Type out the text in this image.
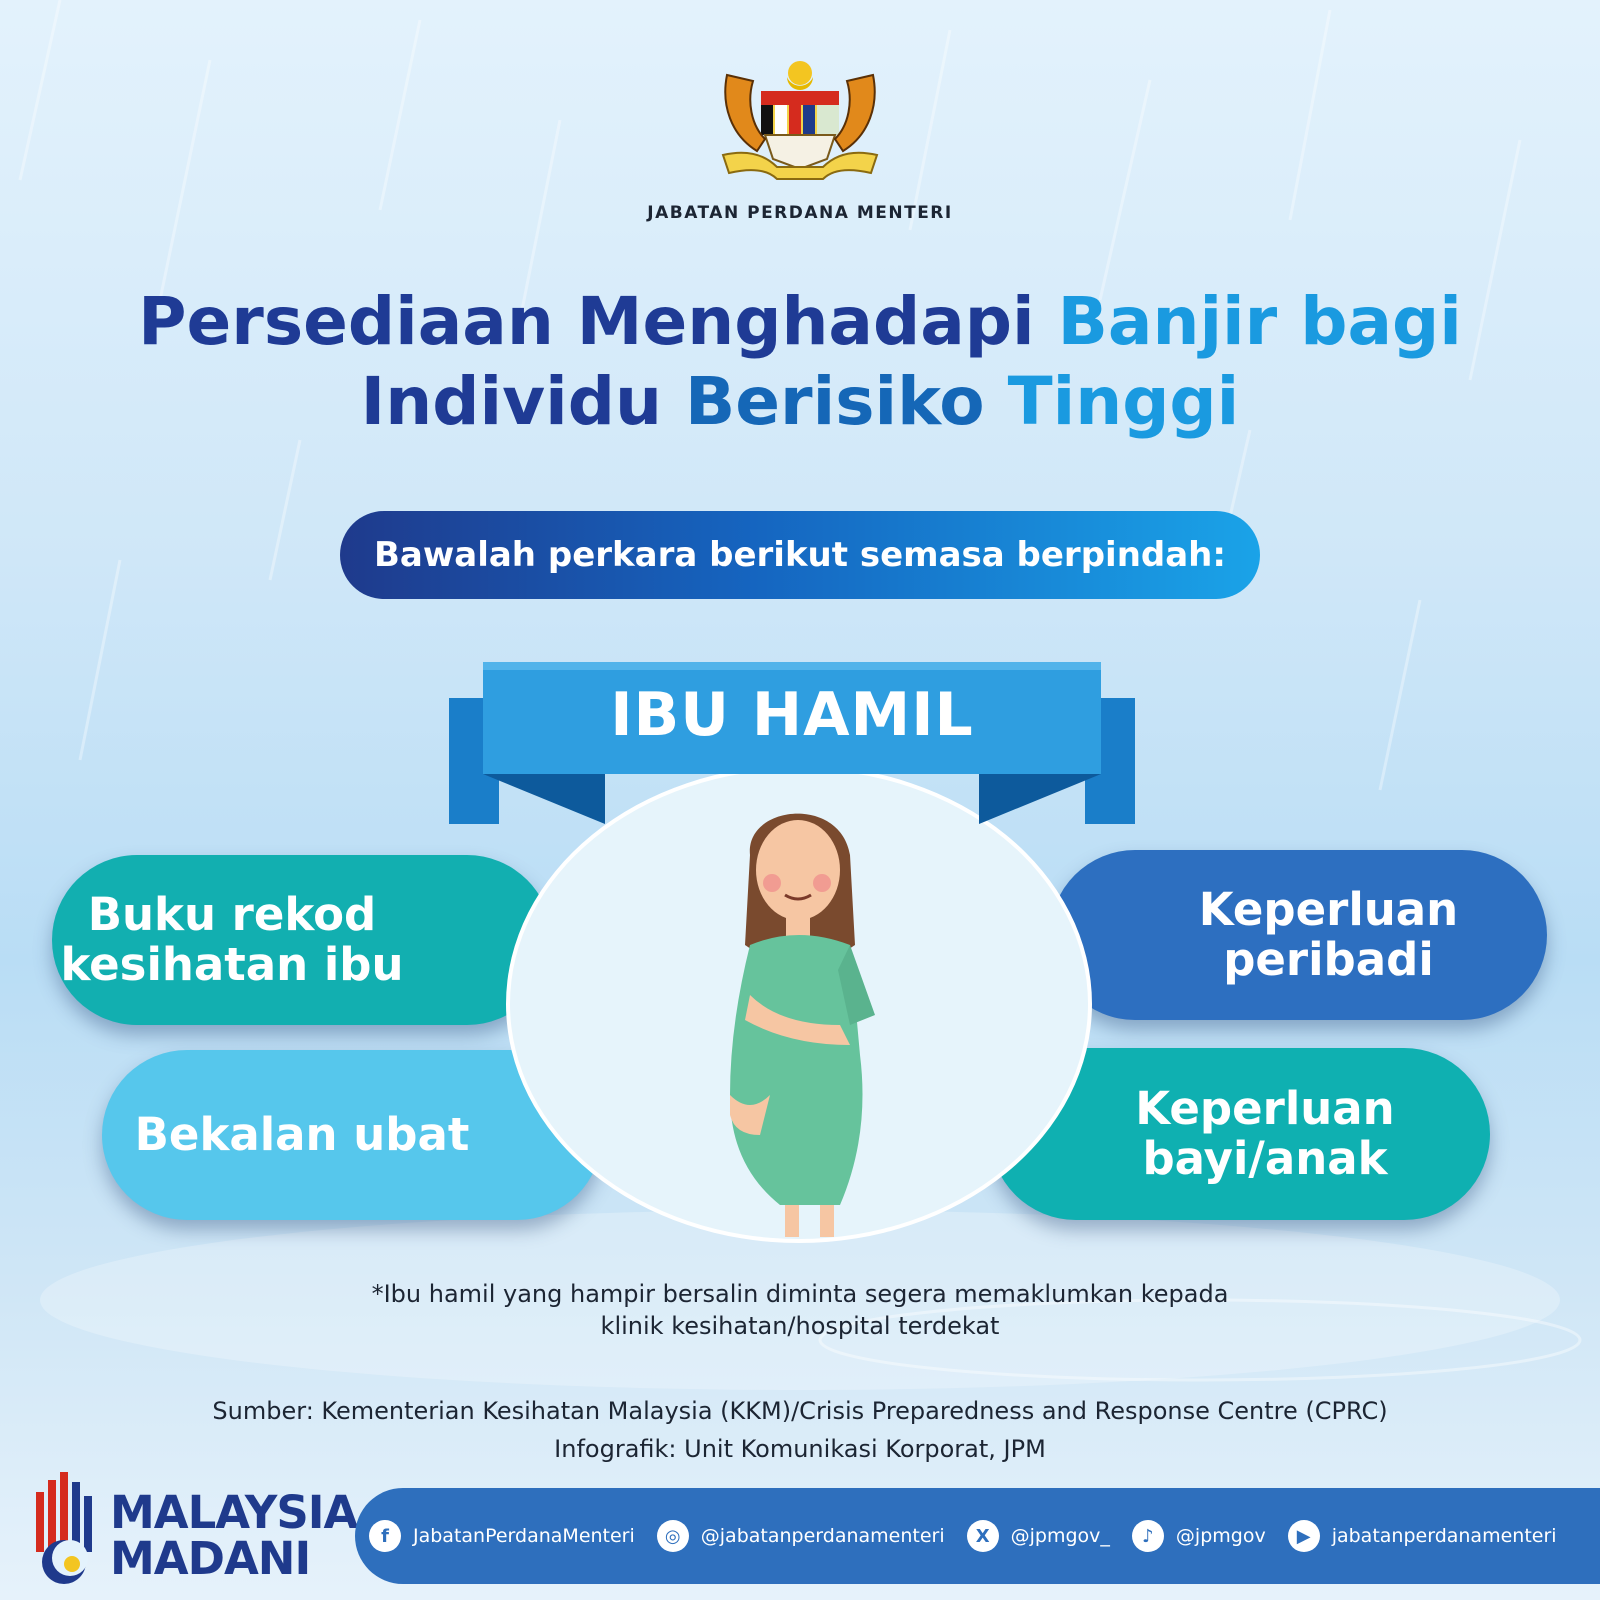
JABATAN PERDANA MENTERI
Persediaan Menghadapi Banjir bagi
Individu Berisiko Tinggi
Bawalah perkara berikut semasa berpindah:
Buku rekod
kesihatan ibu
Bekalan ubat
Keperluan
peribadi
Keperluan
bayi/anak
IBU HAMIL
*Ibu hamil yang hampir bersalin diminta segera memaklumkan kepada
klinik kesihatan/hospital terdekat
Sumber: Kementerian Kesihatan Malaysia (KKM)/Crisis Preparedness and Response Centre (CPRC)
Infografik: Unit Komunikasi Korporat, JPM
MALAYSIA
MADANI	f	JabatanPerdanaMenteri	◎	@jabatanperdanamenteri	X	@jpmgov_	♪	@jpmgov	▶	jabatanperdanamenteri
